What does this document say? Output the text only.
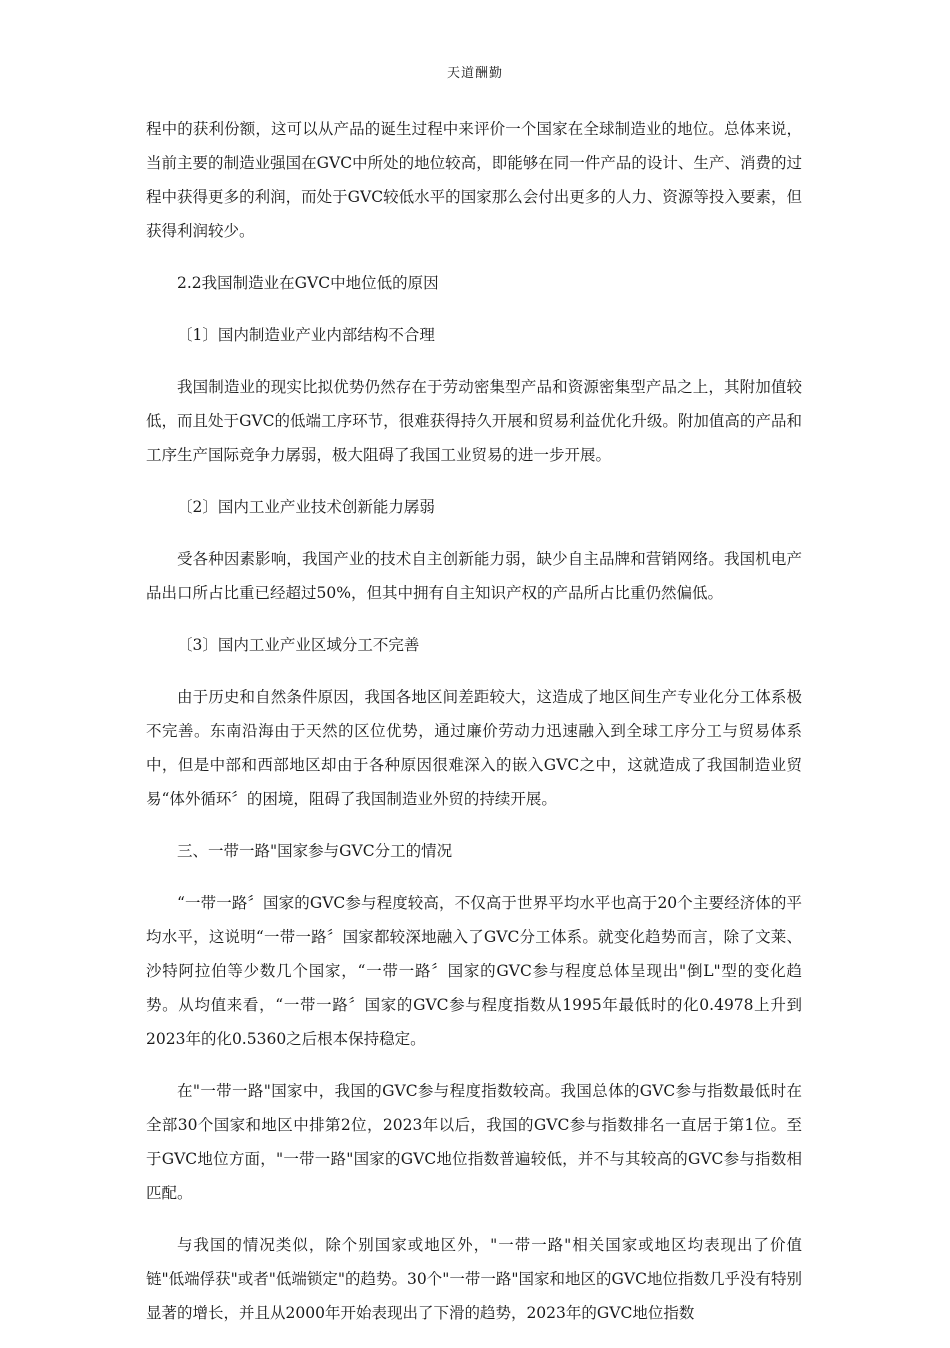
天道酬勤

程中的获利份额，这可以从产品的诞生过程中来评价一个国家在全球制造业的地位。总体来说，当前主要的制造业强国在GVC中所处的地位较高，即能够在同一件产品的设计、生产、消费的过程中获得更多的利润，而处于GVC较低水平的国家那么会付出更多的人力、资源等投入要素，但获得利润较少。

2.2我国制造业在GVC中地位低的原因

〔1〕国内制造业产业内部结构不合理

我国制造业的现实比拟优势仍然存在于劳动密集型产品和资源密集型产品之上，其附加值较低，而且处于GVC的低端工序环节，很难获得持久开展和贸易利益优化升级。附加值高的产品和工序生产国际竞争力孱弱，极大阻碍了我国工业贸易的进一步开展。

〔2〕国内工业产业技术创新能力孱弱

受各种因素影响，我国产业的技术自主创新能力弱，缺少自主品牌和营销网络。我国机电产品出口所占比重已经超过50%，但其中拥有自主知识产权的产品所占比重仍然偏低。

〔3〕国内工业产业区域分工不完善

由于历史和自然条件原因，我国各地区间差距较大，这造成了地区间生产专业化分工体系极不完善。东南沿海由于天然的区位优势，通过廉价劳动力迅速融入到全球工序分工与贸易体系中，但是中部和西部地区却由于各种原因很难深入的嵌入GVC之中，这就造成了我国制造业贸易“体外循环〞的困境，阻碍了我国制造业外贸的持续开展。

三、一带一路"国家参与GVC分工的情况

“一带一路〞国家的GVC参与程度较高，不仅高于世界平均水平也高于20个主要经济体的平均水平，这说明“一带一路〞国家都较深地融入了GVC分工体系。就变化趋势而言，除了文莱、沙特阿拉伯等少数几个国家，“一带一路〞国家的GVC参与程度总体呈现出"倒L"型的变化趋势。从均值来看，“一带一路〞国家的GVC参与程度指数从1995年最低时的化0.4978上升到2023年的化0.5360之后根本保持稳定。

在"一带一路"国家中，我国的GVC参与程度指数较高。我国总体的GVC参与指数最低时在全部30个国家和地区中排第2位，2023年以后，我国的GVC参与指数排名一直居于第1位。至于GVC地位方面，"一带一路"国家的GVC地位指数普遍较低，并不与其较高的GVC参与指数相匹配。

与我国的情况类似，除个别国家或地区外，"一带一路"相关国家或地区均表现出了价值链"低端俘获"或者"低端锁定"的趋势。30个"一带一路"国家和地区的GVC地位指数几乎没有特别显著的增长，并且从2000年开始表现出了下滑的趋势，2023年的GVC地位指数
